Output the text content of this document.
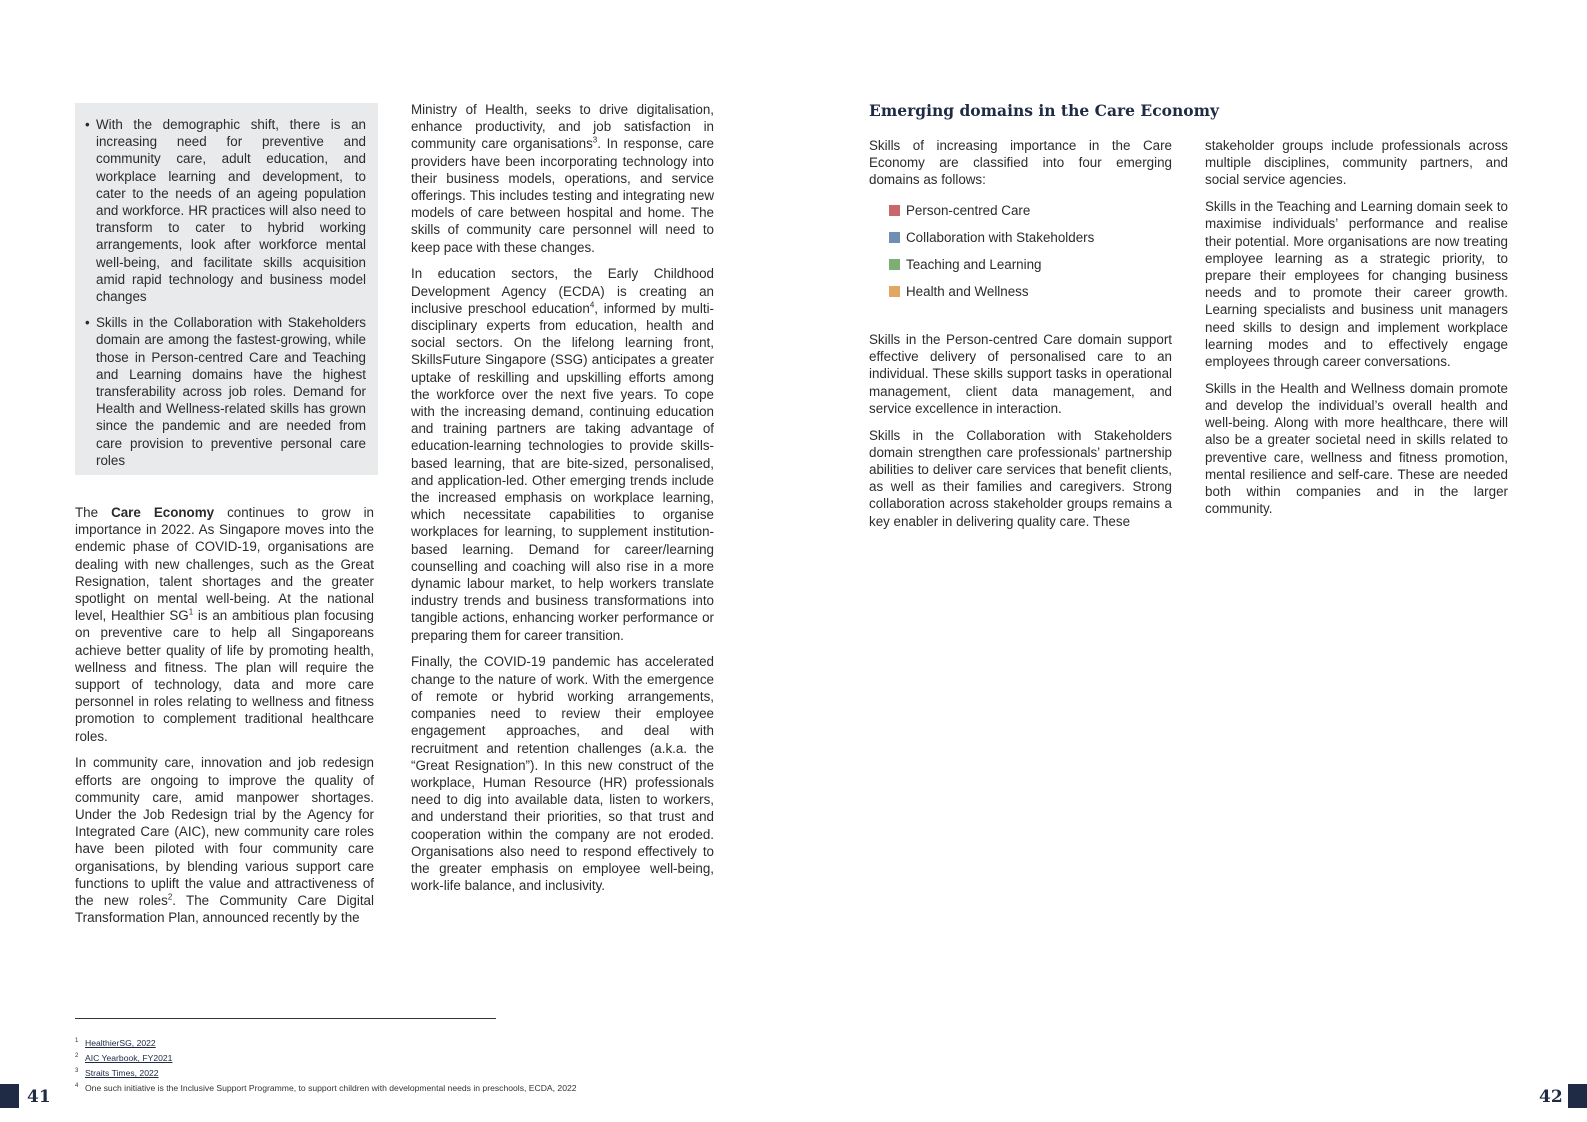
• With the demographic shift, there is an increasing need for preventive and community care, adult education, and workplace learning and development, to cater to the needs of an ageing population and workforce. HR practices will also need to transform to cater to hybrid working arrangements, look after workforce mental well-being, and facilitate skills acquisition amid rapid technology and business model changes
• Skills in the Collaboration with Stakeholders domain are among the fastest-growing, while those in Person-centred Care and Teaching and Learning domains have the highest transferability across job roles. Demand for Health and Wellness-related skills has grown since the pandemic and are needed from care provision to preventive personal care roles

The Care Economy continues to grow in importance in 2022. As Singapore moves into the endemic phase of COVID-19, organisations are dealing with new challenges, such as the Great Resignation, talent shortages and the greater spotlight on mental well-being. At the national level, Healthier $SG^1$ is an ambitious plan focusing on preventive care to help all Singaporeans achieve better quality of life by promoting health, wellness and fitness. The plan will require the support of technology, data and more care personnel in roles relating to wellness and fitness promotion to complement traditional healthcare roles.

In community care, innovation and job redesign efforts are ongoing to improve the quality of community care, amid manpower shortages. Under the Job Redesign trial by the Agency for Integrated Care (AIC), new community care roles have been piloted with four community care organisations, by blending various support care functions to uplift the value and attractiveness of the new roles$^2$. The Community Care Digital Transformation Plan, announced recently by the

Ministry of Health, seeks to drive digitalisation, enhance productivity, and job satisfaction in community care organisations$^3$. In response, care providers have been incorporating technology into their business models, operations, and service offerings. This includes testing and integrating new models of care between hospital and home. The skills of community care personnel will need to keep pace with these changes.

In education sectors, the Early Childhood Development Agency (ECDA) is creating an inclusive preschool education$^4$, informed by multi-disciplinary experts from education, health and social sectors. On the lifelong learning front, SkillsFuture Singapore (SSG) anticipates a greater uptake of reskilling and upskilling efforts among the workforce over the next five years. To cope with the increasing demand, continuing education and training partners are taking advantage of education-learning technologies to provide skills-based learning, that are bite-sized, personalised, and application-led. Other emerging trends include the increased emphasis on workplace learning, which necessitate capabilities to organise workplaces for learning, to supplement institution-based learning. Demand for career/learning counselling and coaching will also rise in a more dynamic labour market, to help workers translate industry trends and business transformations into tangible actions, enhancing worker performance or preparing them for career transition.

Finally, the COVID-19 pandemic has accelerated change to the nature of work. With the emergence of remote or hybrid working arrangements, companies need to review their employee engagement approaches, and deal with recruitment and retention challenges (a.k.a. the “Great Resignation”). In this new construct of the workplace, Human Resource (HR) professionals need to dig into available data, listen to workers, and understand their priorities, so that trust and cooperation within the company are not eroded. Organisations also need to respond effectively to the greater emphasis on employee well-being, work-life balance, and inclusivity.

Emerging domains in the Care Economy

Skills of increasing importance in the Care Economy are classified into four emerging domains as follows:

Person-centred Care
Collaboration with Stakeholders
Teaching and Learning
Health and Wellness

Skills in the Person-centred Care domain support effective delivery of personalised care to an individual. These skills support tasks in operational management, client data management, and service excellence in interaction.

Skills in the Collaboration with Stakeholders domain strengthen care professionals’ partnership abilities to deliver care services that benefit clients, as well as their families and caregivers. Strong collaboration across stakeholder groups remains a key enabler in delivering quality care. These

stakeholder groups include professionals across multiple disciplines, community partners, and social service agencies.

Skills in the Teaching and Learning domain seek to maximise individuals’ performance and realise their potential. More organisations are now treating employee learning as a strategic priority, to prepare their employees for changing business needs and to promote their career growth. Learning specialists and business unit managers need skills to design and implement workplace learning modes and to effectively engage employees through career conversations.

Skills in the Health and Wellness domain promote and develop the individual’s overall health and well-being. Along with more healthcare, there will also be a greater societal need in skills related to preventive care, wellness and fitness promotion, mental resilience and self-care. These are needed both within companies and in the larger community.

1 HealthierSG, 2022
2 AIC Yearbook, FY2021
3 Straits Times, 2022
4 One such initiative is the Inclusive Support Programme, to support children with developmental needs in preschools, ECDA, 2022
41	42
